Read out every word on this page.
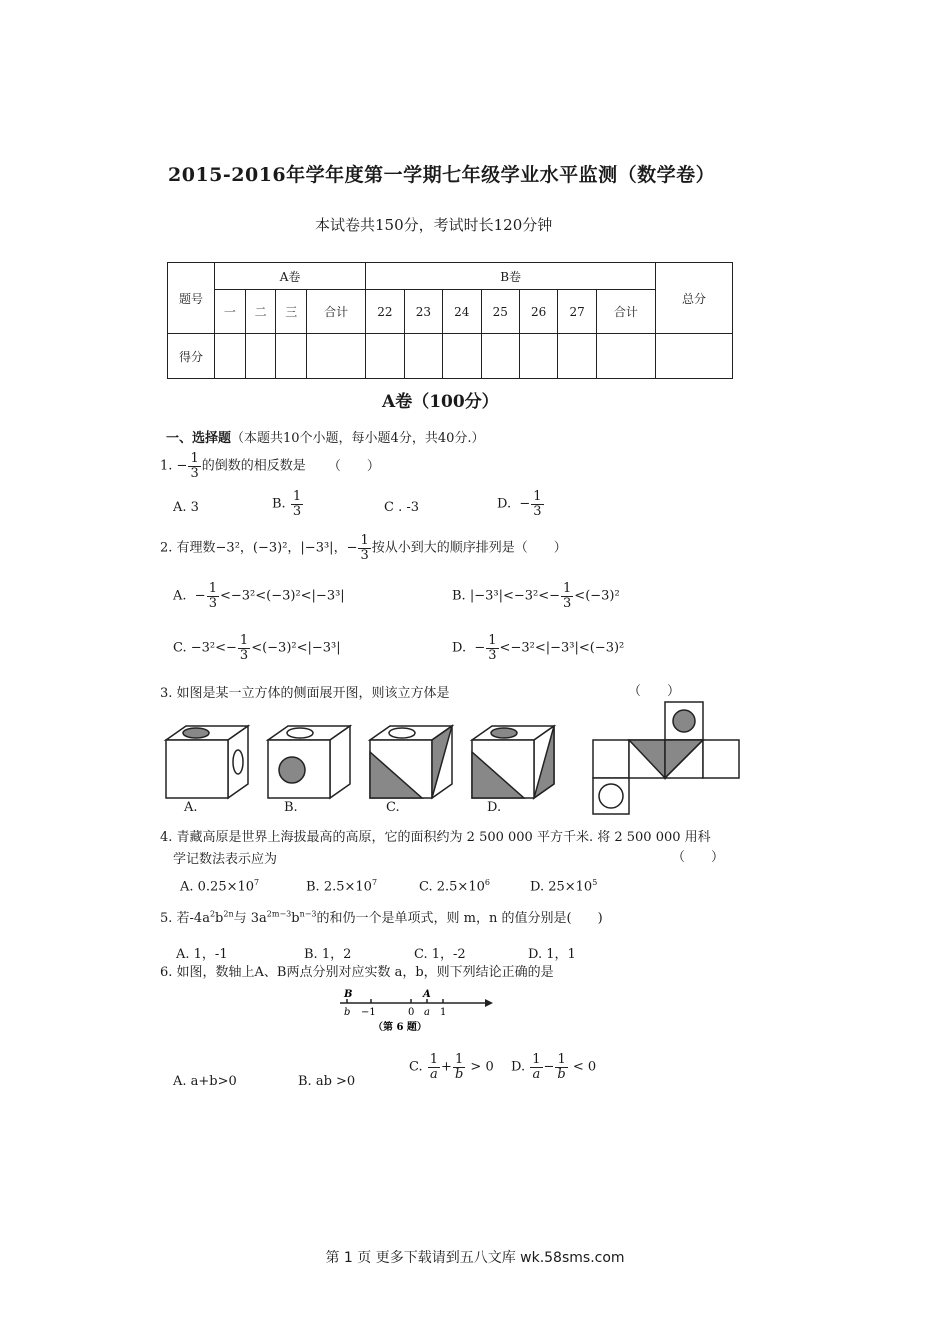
2015-2016年学年度第一学期七年级学业水平监测（数学卷）
本试卷共150分，考试时长120分钟
题号	A卷				B卷							总分
	一	二	三	合计	22	23	24	25	26	27	合计	
得分												
A卷（100分）
一、选择题（本题共10个小题，每小题4分，共40分.）
1. − $\frac{1}{3}$ 的倒数的相反数是 （　　）
A. 3	B. $\frac{1}{3}$	C . -3	D. − $\frac{1}{3}$
2. 有理数−3²，(−3)²，|−3³|，− $\frac{1}{3}$ 按从小到大的顺序排列是（　　）
A. − $\frac{1}{3} <-3^2<(-3)^2<|-3^3|$	B. $|-3^3|<-3^2<- \frac{1}{3} <(-3)^2$
C. $-3^2<- \frac{1}{3} <(-3)^2<|-3^3|$	D. − $\frac{1}{3} <-3^2<|-3^3|<(-3)^2$
3. 如图是某一立方体的侧面展开图，则该立方体是	（　　）
A.	B.	C.	D.
4. 青藏高原是世界上海拔最高的高原，它的面积约为 2 500 000 平方千米. 将 2 500 000 用科
学记数法表示应为	（　　）
A. $0.25\times 10^7$	B. $2.5\times 10^7$	C. $2.5\times 10^6$	D. $25\times 10^5$
5. 若$-4a^2b^{2n}$与 $3a^{2m-3}b^{n-3}$的和仍一个是单项式，则 m，n 的值分别是(　　)
A. 1，-1	B. 1，2	C. 1，-2	D. 1，1
6. 如图，数轴上A、B两点分别对应实数 a，b，则下列结论正确的是
B	A
b −1	0 a 1
（第 6 题）
A. a+b>0	B. ab >0
C. $\frac{1}{a} + \frac{1}{b} > 0$ D. $\frac{1}{a} - \frac{1}{b} < 0$
第 1 页 更多下载请到五八文库 wk.58sms.com
